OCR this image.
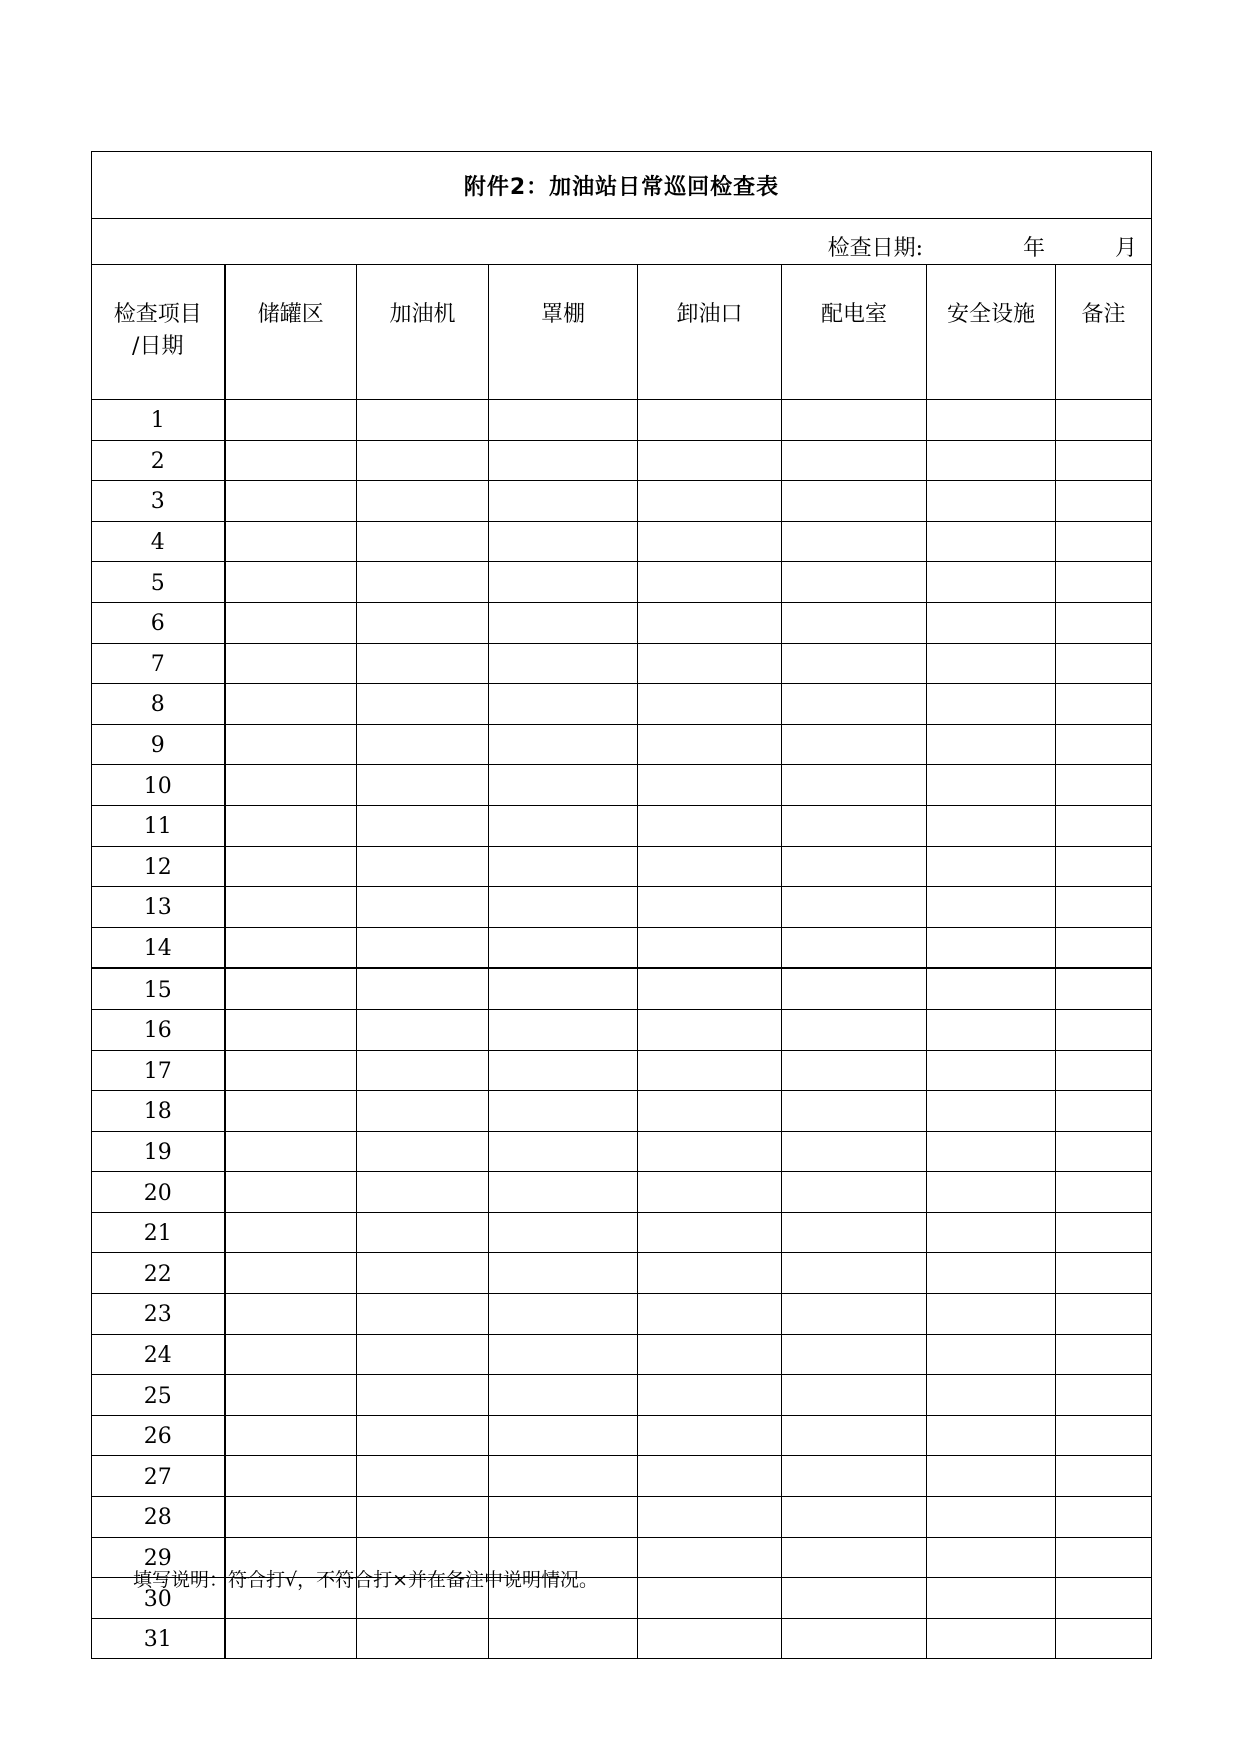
附件2：加油站日常巡回检查表							
检查日期: 年 月							
检查项目
/日期	储罐区	加油机	罩棚	卸油口	配电室	安全设施	备注
1							
2							
3							
4							
5							
6							
7							
8							
9							
10							
11							
12							
13							
14							
15							
16							
17							
18							
19							
20							
21							
22							
23							
24							
25							
26							
27							
28							
29							
30							
31							
填写说明：符合打√，不符合打×并在备注中说明情况。
